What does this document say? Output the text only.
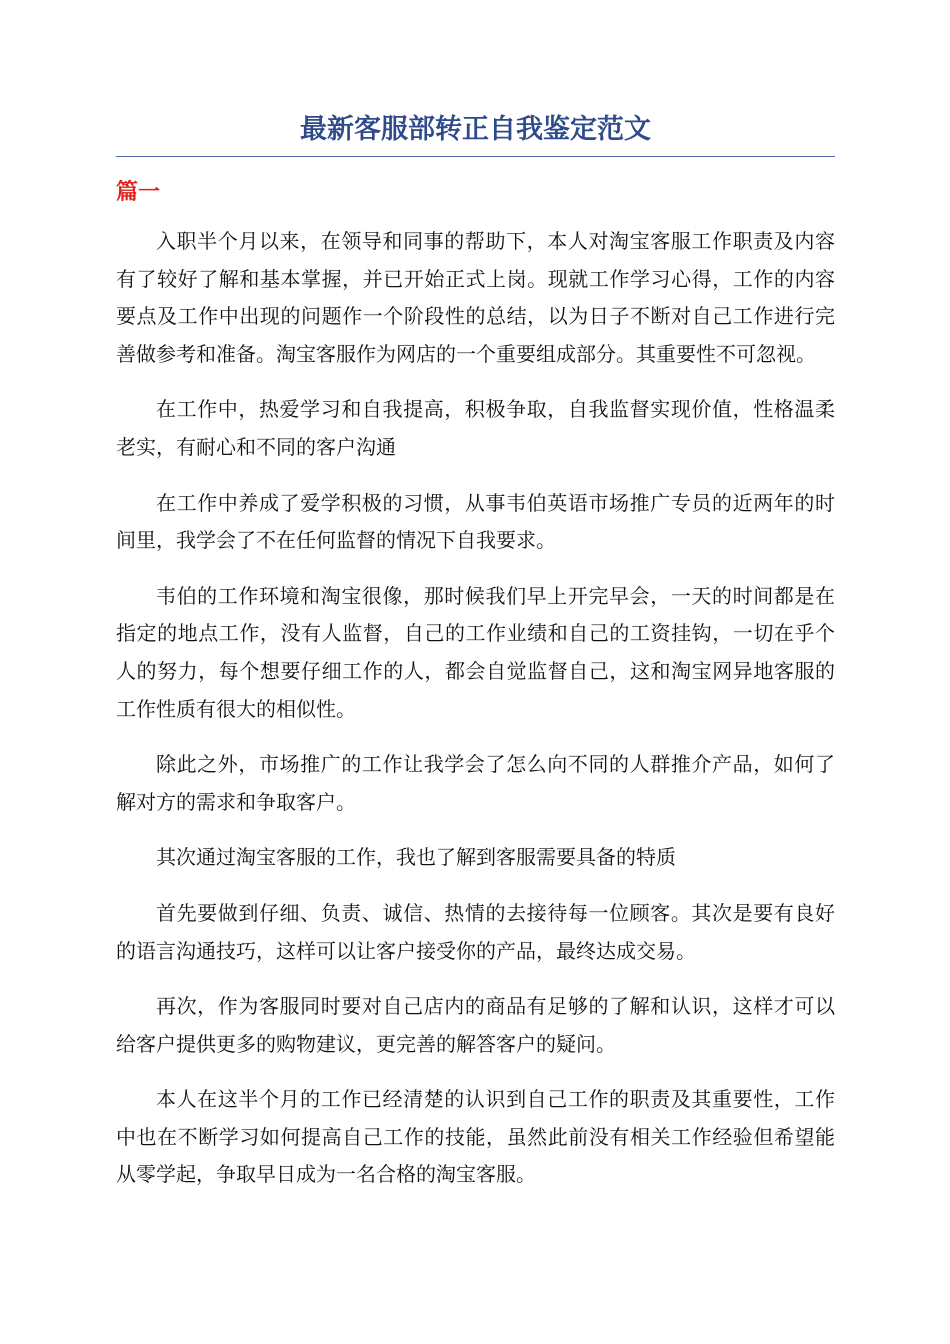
最新客服部转正自我鉴定范文
篇一

入职半个月以来，在领导和同事的帮助下，本人对淘宝客服工作职责及内容有了较好了解和基本掌握，并已开始正式上岗。现就工作学习心得，工作的内容要点及工作中出现的问题作一个阶段性的总结，以为日子不断对自己工作进行完善做参考和准备。淘宝客服作为网店的一个重要组成部分。其重要性不可忽视。

在工作中，热爱学习和自我提高，积极争取，自我监督实现价值，性格温柔老实，有耐心和不同的客户沟通

在工作中养成了爱学积极的习惯，从事韦伯英语市场推广专员的近两年的时间里，我学会了不在任何监督的情况下自我要求。

韦伯的工作环境和淘宝很像，那时候我们早上开完早会，一天的时间都是在指定的地点工作，没有人监督，自己的工作业绩和自己的工资挂钩，一切在乎个人的努力，每个想要仔细工作的人，都会自觉监督自己，这和淘宝网异地客服的工作性质有很大的相似性。

除此之外，市场推广的工作让我学会了怎么向不同的人群推介产品，如何了解对方的需求和争取客户。

其次通过淘宝客服的工作，我也了解到客服需要具备的特质

首先要做到仔细、负责、诚信、热情的去接待每一位顾客。其次是要有良好的语言沟通技巧，这样可以让客户接受你的产品，最终达成交易。

再次，作为客服同时要对自己店内的商品有足够的了解和认识，这样才可以给客户提供更多的购物建议，更完善的解答客户的疑问。

本人在这半个月的工作已经清楚的认识到自己工作的职责及其重要性，工作中也在不断学习如何提高自己工作的技能，虽然此前没有相关工作经验但希望能从零学起，争取早日成为一名合格的淘宝客服。
